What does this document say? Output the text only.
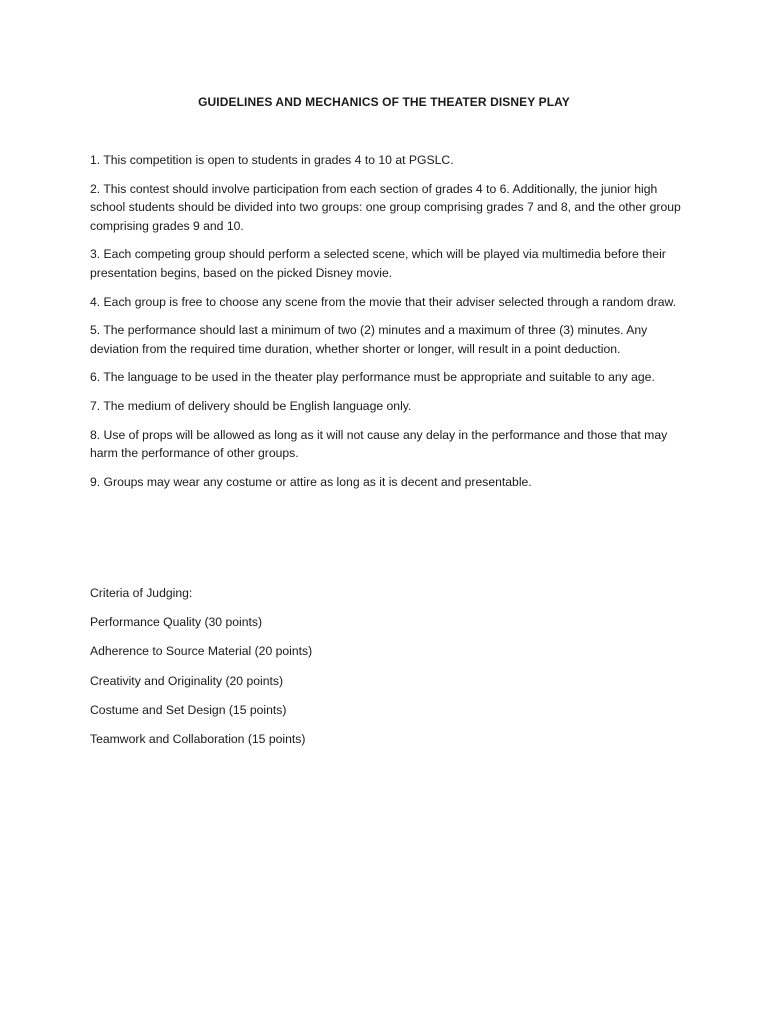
GUIDELINES AND MECHANICS OF THE THEATER DISNEY PLAY
1. This competition is open to students in grades 4 to 10 at PGSLC.
2. This contest should involve participation from each section of grades 4 to 6. Additionally, the junior high school students should be divided into two groups: one group comprising grades 7 and 8, and the other group comprising grades 9 and 10.
3. Each competing group should perform a selected scene, which will be played via multimedia before their presentation begins, based on the picked Disney movie.
4. Each group is free to choose any scene from the movie that their adviser selected through a random draw.
5. The performance should last a minimum of two (2) minutes and a maximum of three (3) minutes. Any deviation from the required time duration, whether shorter or longer, will result in a point deduction.
6. The language to be used in the theater play performance must be appropriate and suitable to any age.
7. The medium of delivery should be English language only.
8. Use of props will be allowed as long as it will not cause any delay in the performance and those that may harm the performance of other groups.
9. Groups may wear any costume or attire as long as it is decent and presentable.
Criteria of Judging:
Performance Quality (30 points)
Adherence to Source Material (20 points)
Creativity and Originality (20 points)
Costume and Set Design (15 points)
Teamwork and Collaboration (15 points)
